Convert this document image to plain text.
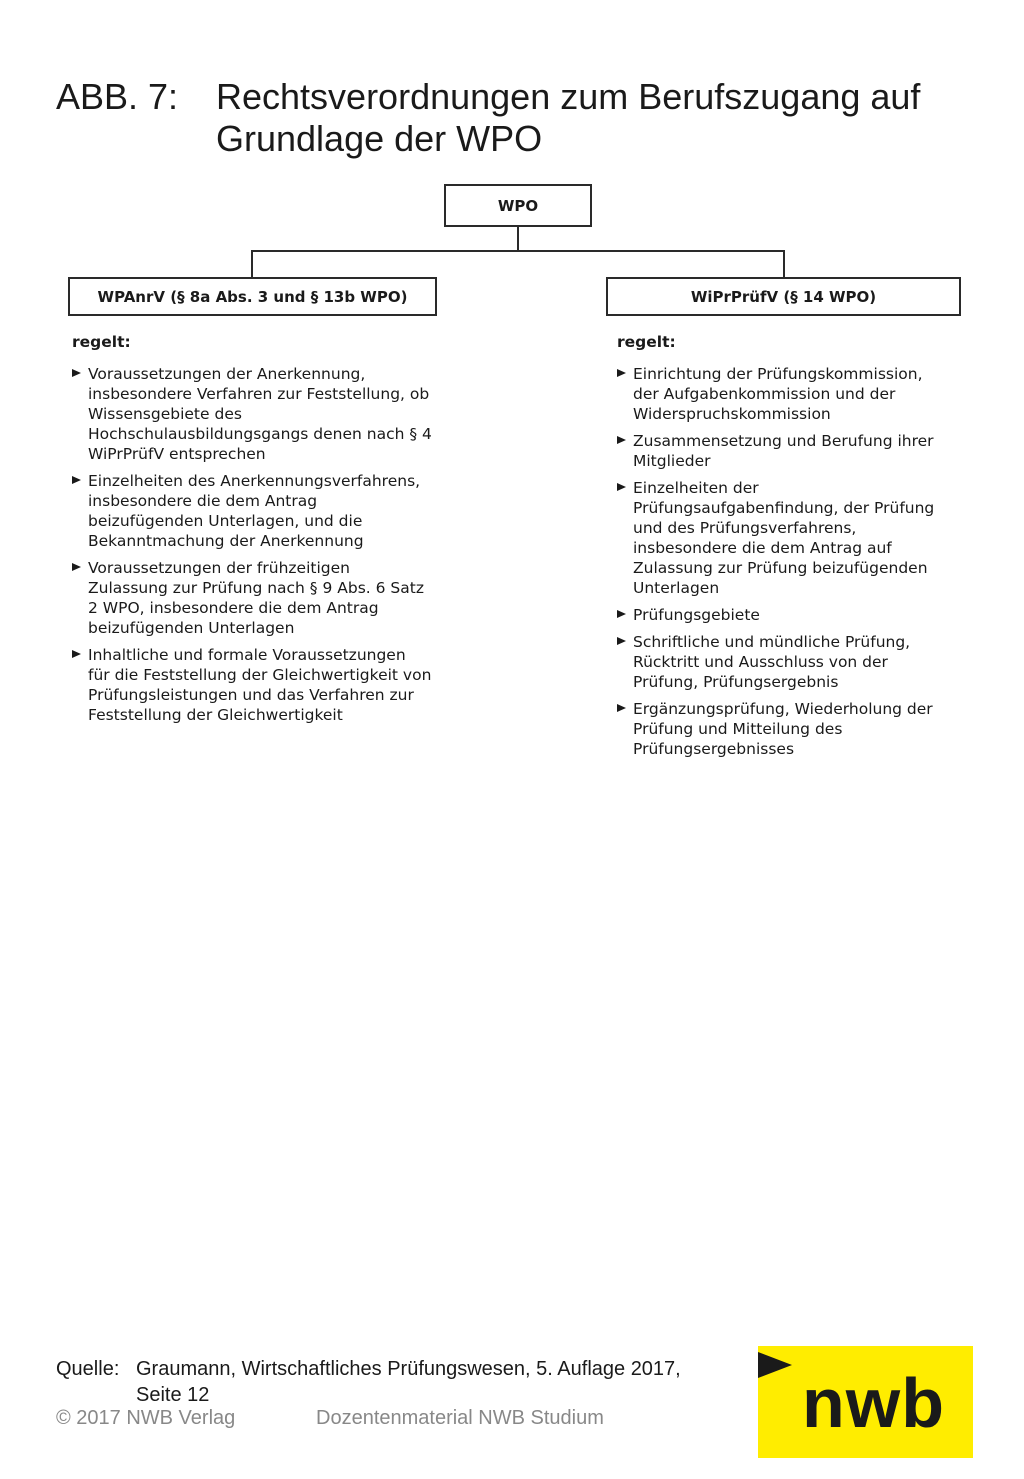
ABB. 7: Rechtsverordnungen zum Berufszugang auf Grundlage der WPO
WPO
WPAnrV (§ 8a Abs. 3 und § 13b WPO)	WiPrPrüfV (§ 14 WPO)
regelt:
Voraussetzungen der Anerkennung, insbesondere Verfahren zur Feststellung, ob Wissensgebiete des Hochschulausbildungsgangs denen nach § 4 WiPrPrüfV entsprechen
Einzelheiten des Anerkennungsverfahrens, insbesondere die dem Antrag beizufügenden Unterlagen, und die Bekanntmachung der Anerkennung
Voraussetzungen der frühzeitigen Zulassung zur Prüfung nach § 9 Abs. 6 Satz 2 WPO, insbesondere die dem Antrag beizufügenden Unterlagen
Inhaltliche und formale Voraussetzungen für die Feststellung der Gleichwertigkeit von Prüfungsleistungen und das Verfahren zur Feststellung der Gleichwertigkeit
regelt:
Einrichtung der Prüfungskommission, der Aufgabenkommission und der Widerspruchskommission
Zusammensetzung und Berufung ihrer Mitglieder
Einzelheiten der Prüfungsaufgabenfindung, der Prüfung und des Prüfungsverfahrens, insbesondere die dem Antrag auf Zulassung zur Prüfung beizufügenden Unterlagen
Prüfungsgebiete
Schriftliche und mündliche Prüfung, Rücktritt und Ausschluss von der Prüfung, Prüfungsergebnis
Ergänzungsprüfung, Wiederholung der Prüfung und Mitteilung des Prüfungsergebnisses
Quelle: Graumann, Wirtschaftliches Prüfungswesen, 5. Auflage 2017,
Seite 12
© 2017 NWB Verlag	Dozentenmaterial NWB Studium	nwb
